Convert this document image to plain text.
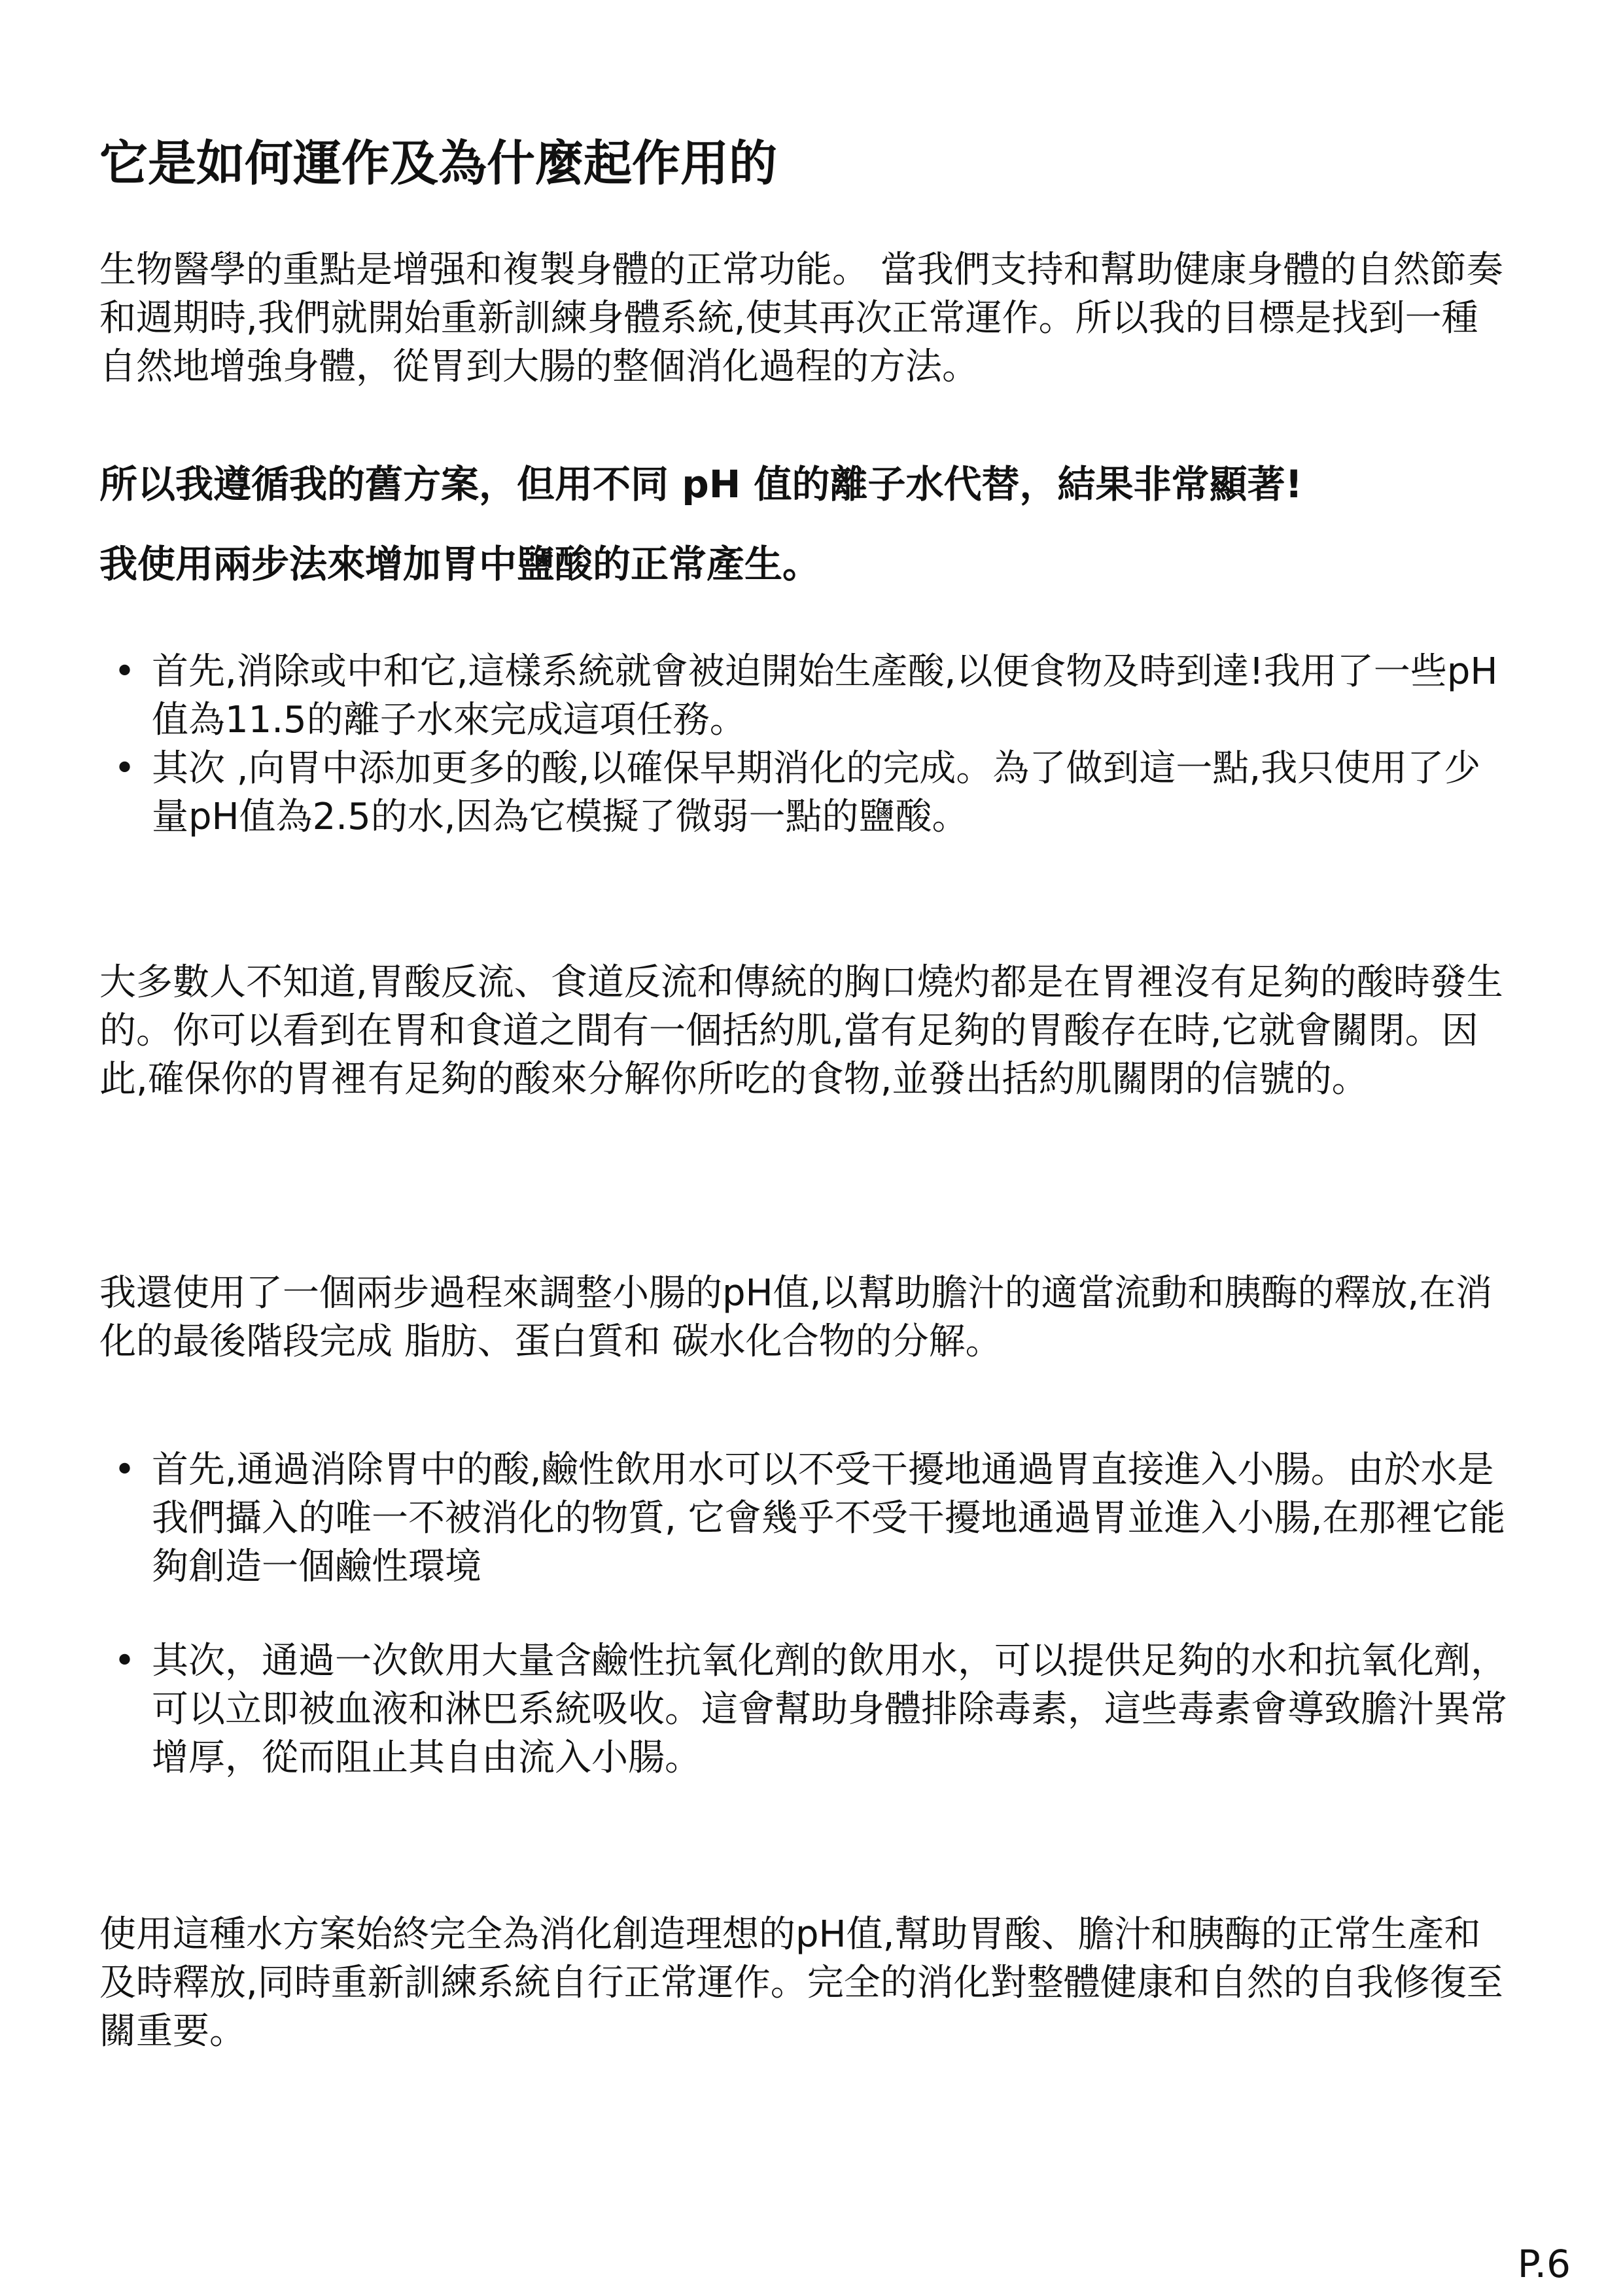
它是如何運作及為什麼起作用的

生物醫學的重點是增强和複製身體的正常功能。 當我們支持和幫助健康身體的自然節奏和週期時,我們就開始重新訓練身體系統,使其再次正常運作。所以我的目標是找到一種自然地增強身體，從胃到大腸的整個消化過程的方法。

所以我遵循我的舊方案，但用不同 pH 值的離子水代替，結果非常顯著!

我使用兩步法來增加胃中鹽酸的正常產生。

• 首先,消除或中和它,這樣系統就會被迫開始生產酸,以便食物及時到達!我用了一些pH值為11.5的離子水來完成這項任務。
• 其次 ,向胃中添加更多的酸,以確保早期消化的完成。為了做到這一點,我只使用了少量pH值為2.5的水,因為它模擬了微弱一點的鹽酸。

大多數人不知道,胃酸反流、食道反流和傳統的胸口燒灼都是在胃裡沒有足夠的酸時發生的。你可以看到在胃和食道之間有一個括約肌,當有足夠的胃酸存在時,它就會關閉。因此,確保你的胃裡有足夠的酸來分解你所吃的食物,並發出括約肌關閉的信號的。

我還使用了一個兩步過程來調整小腸的pH值,以幫助膽汁的適當流動和胰酶的釋放,在消化的最後階段完成 脂肪、蛋白質和 碳水化合物的分解。

• 首先,通過消除胃中的酸,鹼性飲用水可以不受干擾地通過胃直接進入小腸。由於水是我們攝入的唯一不被消化的物質, 它會幾乎不受干擾地通過胃並進入小腸,在那裡它能夠創造一個鹼性環境
• 其次，通過一次飲用大量含鹼性抗氧化劑的飲用水，可以提供足夠的水和抗氧化劑，可以立即被血液和淋巴系統吸收。這會幫助身體排除毒素，這些毒素會導致膽汁異常增厚，從而阻止其自由流入小腸。

使用這種水方案始終完全為消化創造理想的pH值,幫助胃酸、膽汁和胰酶的正常生產和及時釋放,同時重新訓練系統自行正常運作。完全的消化對整體健康和自然的自我修復至關重要。

P.6
